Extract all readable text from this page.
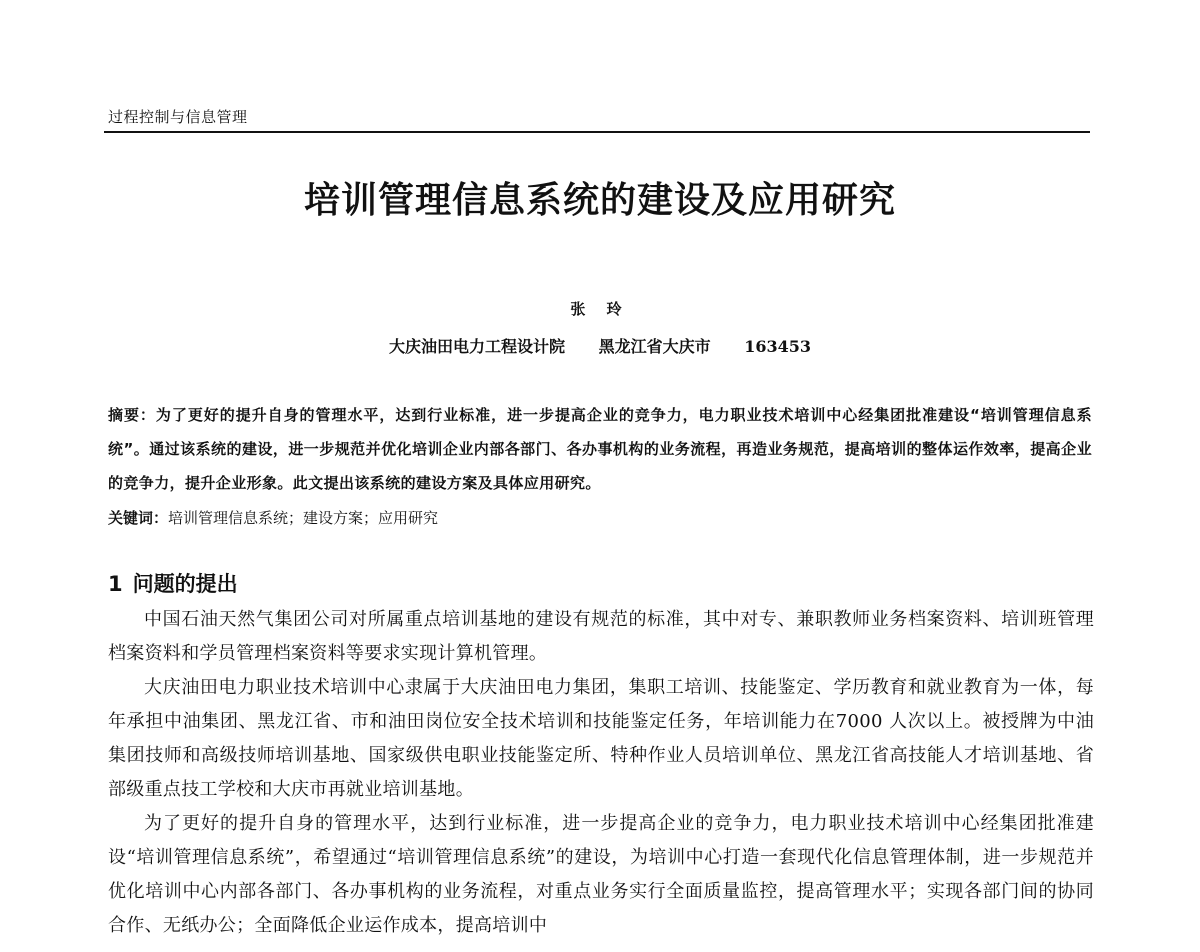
过程控制与信息管理
培训管理信息系统的建设及应用研究
张 玲
大庆油田电力工程设计院 黑龙江省大庆市 163453
摘要：为了更好的提升自身的管理水平，达到行业标准，进一步提高企业的竞争力，电力职业技术培训中心经集团批准建设“培训管理信息系统”。通过该系统的建设，进一步规范并优化培训企业内部各部门、各办事机构的业务流程，再造业务规范，提高培训的整体运作效率，提高企业的竞争力，提升企业形象。此文提出该系统的建设方案及具体应用研究。
关键词：培训管理信息系统；建设方案；应用研究
1 问题的提出

中国石油天然气集团公司对所属重点培训基地的建设有规范的标准，其中对专、兼职教师业务档案资料、培训班管理档案资料和学员管理档案资料等要求实现计算机管理。

大庆油田电力职业技术培训中心隶属于大庆油田电力集团，集职工培训、技能鉴定、学历教育和就业教育为一体，每年承担中油集团、黑龙江省、市和油田岗位安全技术培训和技能鉴定任务，年培训能力在7000 人次以上。被授牌为中油集团技师和高级技师培训基地、国家级供电职业技能鉴定所、特种作业人员培训单位、黑龙江省高技能人才培训基地、省部级重点技工学校和大庆市再就业培训基地。

为了更好的提升自身的管理水平，达到行业标准，进一步提高企业的竞争力，电力职业技术培训中心经集团批准建设“培训管理信息系统”，希望通过“培训管理信息系统”的建设，为培训中心打造一套现代化信息管理体制，进一步规范并优化培训中心内部各部门、各办事机构的业务流程，对重点业务实行全面质量监控，提高管理水平；实现各部门间的协同合作、无纸办公；全面降低企业运作成本，提高培训中
